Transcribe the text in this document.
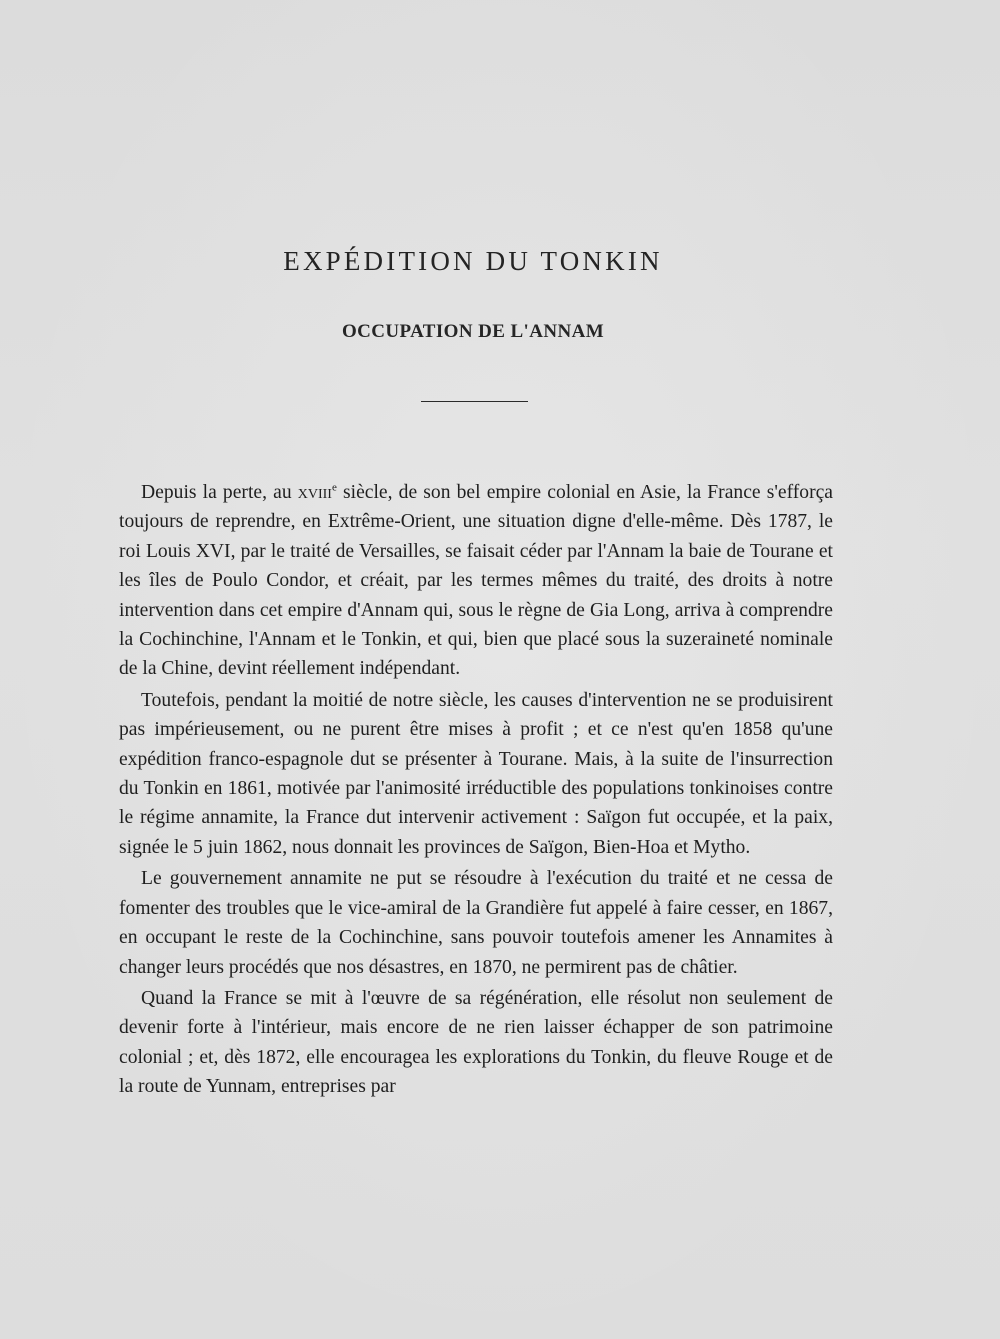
EXPÉDITION DU TONKIN
OCCUPATION DE L'ANNAM

Depuis la perte, au xviii$^e$ siècle, de son bel empire colonial en Asie, la France s'efforça toujours de reprendre, en Extrême-Orient, une situation digne d'elle-même. Dès 1787, le roi Louis XVI, par le traité de Versailles, se faisait céder par l'Annam la baie de Tourane et les îles de Poulo Condor, et créait, par les termes mêmes du traité, des droits à notre intervention dans cet empire d'Annam qui, sous le règne de Gia Long, arriva à comprendre la Cochinchine, l'Annam et le Tonkin, et qui, bien que placé sous la suzeraineté nominale de la Chine, devint réellement indépendant.

Toutefois, pendant la moitié de notre siècle, les causes d'intervention ne se produisirent pas impérieusement, ou ne purent être mises à profit ; et ce n'est qu'en 1858 qu'une expédition franco-espagnole dut se présenter à Tourane. Mais, à la suite de l'insurrection du Tonkin en 1861, motivée par l'animosité irréductible des populations tonkinoises contre le régime annamite, la France dut intervenir activement : Saïgon fut occupée, et la paix, signée le 5 juin 1862, nous donnait les provinces de Saïgon, Bien-Hoa et Mytho.

Le gouvernement annamite ne put se résoudre à l'exécution du traité et ne cessa de fomenter des troubles que le vice-amiral de la Grandière fut appelé à faire cesser, en 1867, en occupant le reste de la Cochinchine, sans pouvoir toutefois amener les Annamites à changer leurs procédés que nos désastres, en 1870, ne permirent pas de châtier.

Quand la France se mit à l'œuvre de sa régénération, elle résolut non seulement de devenir forte à l'intérieur, mais encore de ne rien laisser échapper de son patrimoine colonial ; et, dès 1872, elle encouragea les explorations du Tonkin, du fleuve Rouge et de la route de Yunnam, entreprises par
